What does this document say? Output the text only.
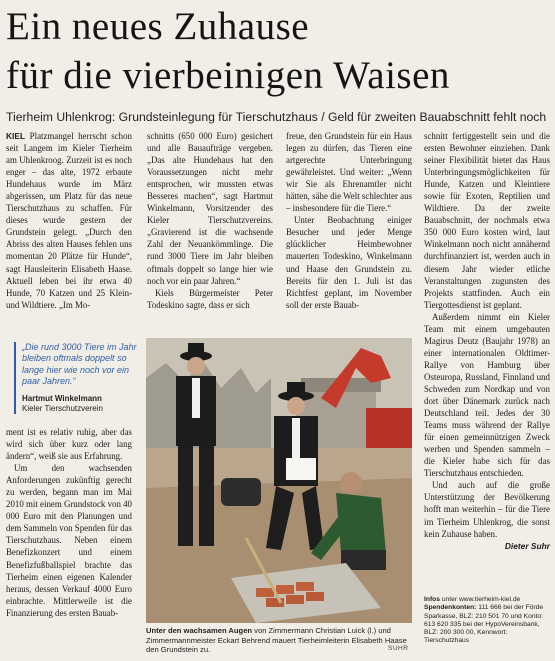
Ein neues Zuhause
für die vierbeinigen Waisen
Tierheim Uhlenkrog: Grundsteinlegung für Tierschutzhaus / Geld für zweiten Bauabschnitt fehlt noch

KIEL Platzmangel herrscht schon seit Langem im Kieler Tierheim am Uhlenkroog. Zurzeit ist es noch enger – das alte, 1972 erbaute Hundehaus wurde im März abgerissen, um Platz für das neue Tierschutzhaus zu schaffen. Für dieses wurde gestern der Grundstein gelegt. „Durch den Abriss des alten Hauses fehlen uns momentan 20 Plätze für Hunde“, sagt Hausleiterin Elisabeth Haase. Aktuell leben bei ihr etwa 40 Hunde, 70 Katzen und 25 Klein- und Wildtiere. „Im Mo-

„Die rund 3000 Tiere im Jahr bleiben oftmals doppelt so lange hier wie noch vor ein paar Jahren.“
Hartmut Winkelmann
Kieler Tierschutzverein

ment ist es relativ ruhig, aber das wird sich über kurz oder lang ändern“, weiß sie aus Erfahrung.

Um den wachsenden Anforderungen zukünftig gerecht zu werden, begann man im Mai 2010 mit einem Grundstock von 40 000 Euro mit den Planungen und dem Sammeln von Spenden für das Tierschutzhaus. Neben einem Benefizkonzert und einem Benefizfußballspiel brachte das Tierheim einen eigenen Kalender heraus, dessen Verkauf 4000 Euro einbrachte. Mittlerweile ist die Finanzierung des ersten Bauab-

schnitts (650 000 Euro) gesichert und alle Bauaufträge vergeben. „Das alte Hundehaus hat den Voraussetzungen nicht mehr entsprochen, wir mussten etwas Besseres machen“, sagt Hartmut Winkelmann, Vorsitzender des Kieler Tierschutzvereins. „Gravierend ist die wachsende Zahl der Neuankömmlinge. Die rund 3000 Tiere im Jahr bleiben oftmals doppelt so lange hier wie noch vor ein paar Jahren.“

Kiels Bürgermeister Peter Todeskino sagte, dass er sich

freue, den Grundstein für ein Haus legen zu dürfen, das Tieren eine artgerechte Unterbringung gewährleistet. Und weiter: „Wenn wir Sie als Ehrenamtler nicht hätten, sähe die Welt schlechter aus – insbesondere für die Tiere.“

Unter Beobachtung einiger Besucher und jeder Menge glücklicher Heimbewohner mauerten Todeskino, Winkelmann und Haase den Grundstein zu. Bereits für den 1. Juli ist das Richtfest geplant, im November soll der erste Bauab-

schnitt fertiggestellt sein und die ersten Bewohner einziehen. Dank seiner Flexibilität bietet das Haus Unterbringungsmöglichkeiten für Hunde, Katzen und Kleintiere sowie für Exoten, Reptilien und Wildtiere. Da der zweite Bauabschnitt, der nochmals etwa 350 000 Euro kosten wird, laut Winkelmann noch nicht annähernd durchfinanziert ist, werden auch in diesem Jahr wieder etliche Veranstaltungen zugunsten des Projekts stattfinden. Auch ein Tiergottesdienst ist geplant.

Außerdem nimmt ein Kieler Team mit einem umgebauten Magirus Deutz (Baujahr 1978) an einer internationalen Oldtimer-Rallye von Hamburg über Osteuropa, Russland, Finnland und Schweden zum Nordkap und von dort über Dänemark zurück nach Deutschland teil. Jedes der 30 Teams muss während der Rallye für einen gemeinnützigen Zweck werben und Spenden sammeln – die Kieler habe sich für das Tierschutzhaus entschieden.

Und auch auf die große Unterstützung der Bevölkerung hofft man weiterhin – für die Tiere im Tierheim Uhlenkrog, die sonst kein Zuhause haben.

Dieter Suhr
Infos unter www.tierheim-kiel.de
Spendenkonten: 111 666 bei der Förde Sparkasse, BLZ: 210 501 70 und Konto: 613 620 335 bei der HypoVereinsbank, BLZ: 200 300 00, Kennwort: Tierschutzhaus
SUHR
Unter den wachsamen Augen von Zimmermann Christian Luick (l.) und Zimmermannmeister Eckart Behrend mauert Tierheimleiterin Elisabeth Haase den Grundstein zu.
